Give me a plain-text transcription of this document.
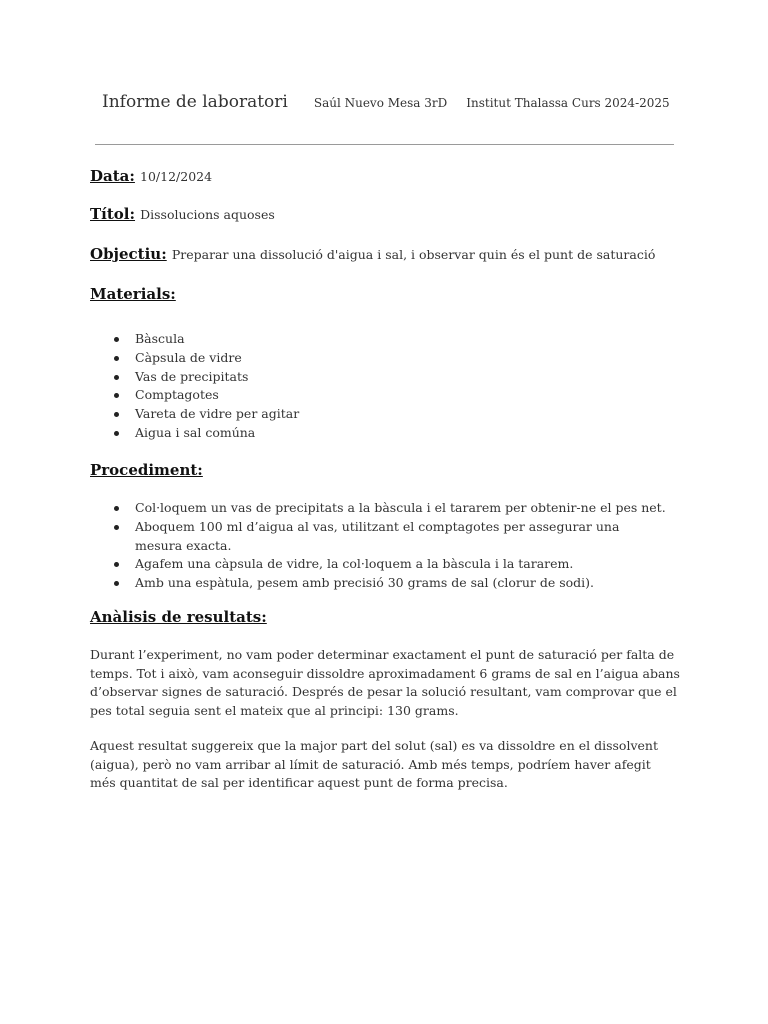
Informe de laboratori Saúl Nuevo Mesa 3rD Institut Thalassa Curs 2024-2025
Data: 10/12/2024
Títol: Dissolucions aquoses
Objectiu: Preparar una dissolució d'aigua i sal, i observar quin és el punt de saturació
Materials:
Bàscula
Càpsula de vidre
Vas de precipitats
Comptagotes
Vareta de vidre per agitar
Aigua i sal comúna
Procediment:
Col·loquem un vas de precipitats a la bàscula i el tararem per obtenir-ne el pes net.
Aboquem 100 ml d’aigua al vas, utilitzant el comptagotes per assegurar una mesura exacta.
Agafem una càpsula de vidre, la col·loquem a la bàscula i la tararem.
Amb una espàtula, pesem amb precisió 30 grams de sal (clorur de sodi).
Anàlisis de resultats:

Durant l’experiment, no vam poder determinar exactament el punt de saturació per falta de temps. Tot i això, vam aconseguir dissoldre aproximadament 6 grams de sal en l’aigua abans d’observar signes de saturació. Després de pesar la solució resultant, vam comprovar que el pes total seguia sent el mateix que al principi: 130 grams.

Aquest resultat suggereix que la major part del solut (sal) es va dissoldre en el dissolvent (aigua), però no vam arribar al límit de saturació. Amb més temps, podríem haver afegit més quantitat de sal per identificar aquest punt de forma precisa.
